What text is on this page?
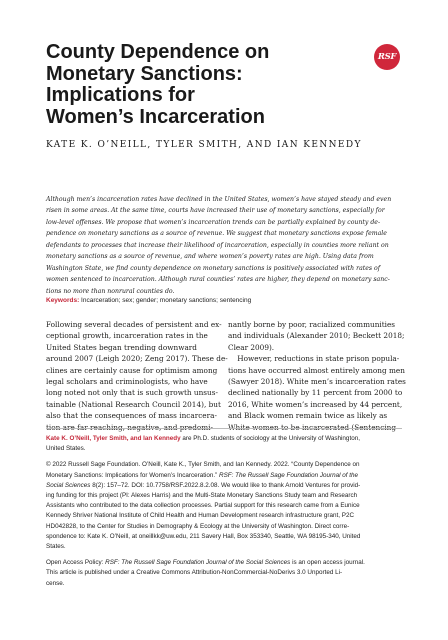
County Dependence on
Monetary Sanctions:
Implications for
Women’s Incarceration
RSF
KATE K. O’NEILL, TYLER SMITH, AND IAN KENNEDY
Although men’s incarceration rates have declined in the United States, women’s have stayed steady and even
risen in some areas. At the same time, courts have increased their use of monetary sanctions, especially for
low-level offenses. We propose that women’s incarceration trends can be partially explained by county de-
pendence on monetary sanctions as a source of revenue. We suggest that monetary sanctions expose female
defendants to processes that increase their likelihood of incarceration, especially in counties more reliant on
monetary sanctions as a source of revenue, and where women’s poverty rates are high. Using data from
Washington State, we find county dependence on monetary sanctions is positively associated with rates of
women sentenced to incarceration. Although rural counties’ rates are higher, they depend on monetary sanc-
tions no more than nonrural counties do.
Keywords: Incarceration; sex; gender; monetary sanctions; sentencing
Following several decades of persistent and ex-
ceptional growth, incarceration rates in the
United States began trending downward
around 2007 (Leigh 2020; Zeng 2017). These de-
clines are certainly cause for optimism among
legal scholars and criminologists, who have
long noted not only that is such growth unsus-
tainable (National Research Council 2014), but
also that the consequences of mass incarcera-
tion are far reaching, negative, and predomi-
nantly borne by poor, racialized communities
and individuals (Alexander 2010; Beckett 2018;
Clear 2009).
However, reductions in state prison popula-
tions have occurred almost entirely among men
(Sawyer 2018). White men’s incarceration rates
declined nationally by 11 percent from 2000 to
2016, White women’s increased by 44 percent,
and Black women remain twice as likely as
White women to be incarcerated (Sentencing
Kate K. O’Neill, Tyler Smith, and Ian Kennedy are Ph.D. students of sociology at the University of Washington,
United States.
© 2022 Russell Sage Foundation. O’Neill, Kate K., Tyler Smith, and Ian Kennedy. 2022. “County Dependence on
Monetary Sanctions: Implications for Women’s Incarceration.” RSF: The Russell Sage Foundation Journal of the
Social Sciences 8(2): 157–72. DOI: 10.7758/RSF.2022.8.2.08. We would like to thank Arnold Ventures for provid-
ing funding for this project (PI: Alexes Harris) and the Multi-State Monetary Sanctions Study team and Research
Assistants who contributed to the data collection processes. Partial support for this research came from a Eunice
Kennedy Shriver National Institute of Child Health and Human Development research infrastructure grant, P2C
HD042828, to the Center for Studies in Demography & Ecology at the University of Washington. Direct corre-
spondence to: Kate K. O’Neill, at oneillkk@uw.edu, 211 Savery Hall, Box 353340, Seattle, WA 98195-340, United
States.
Open Access Policy: RSF: The Russell Sage Foundation Journal of the Social Sciences is an open access journal.
This article is published under a Creative Commons Attribution-NonCommercial-NoDerivs 3.0 Unported Li-
cense.
